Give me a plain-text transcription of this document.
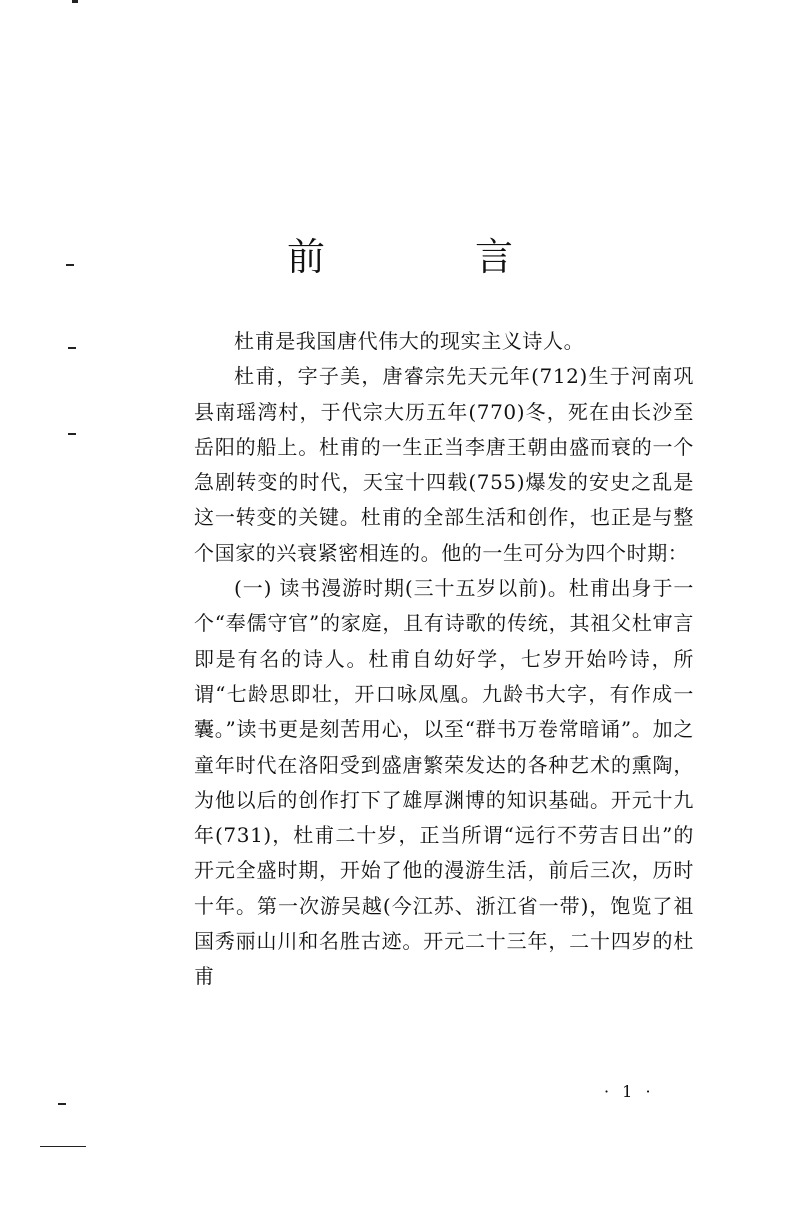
前　言

杜甫是我国唐代伟大的现实主义诗人。

杜甫，字子美，唐睿宗先天元年(712)生于河南巩县南瑶湾村，于代宗大历五年(770)冬，死在由长沙至岳阳的船上。杜甫的一生正当李唐王朝由盛而衰的一个急剧转变的时代，天宝十四载(755)爆发的安史之乱是这一转变的关键。杜甫的全部生活和创作，也正是与整个国家的兴衰紧密相连的。他的一生可分为四个时期：

(一) 读书漫游时期(三十五岁以前)。杜甫出身于一个“奉儒守官”的家庭，且有诗歌的传统，其祖父杜审言即是有名的诗人。杜甫自幼好学，七岁开始吟诗，所谓“七龄思即壮，开口咏凤凰。九龄书大字，有作成一囊。”读书更是刻苦用心，以至“群书万卷常暗诵”。加之童年时代在洛阳受到盛唐繁荣发达的各种艺术的熏陶，为他以后的创作打下了雄厚渊博的知识基础。开元十九年(731)，杜甫二十岁，正当所谓“远行不劳吉日出”的开元全盛时期，开始了他的漫游生活，前后三次，历时十年。第一次游吴越(今江苏、浙江省一带)，饱览了祖国秀丽山川和名胜古迹。开元二十三年，二十四岁的杜甫

· 1 ·
